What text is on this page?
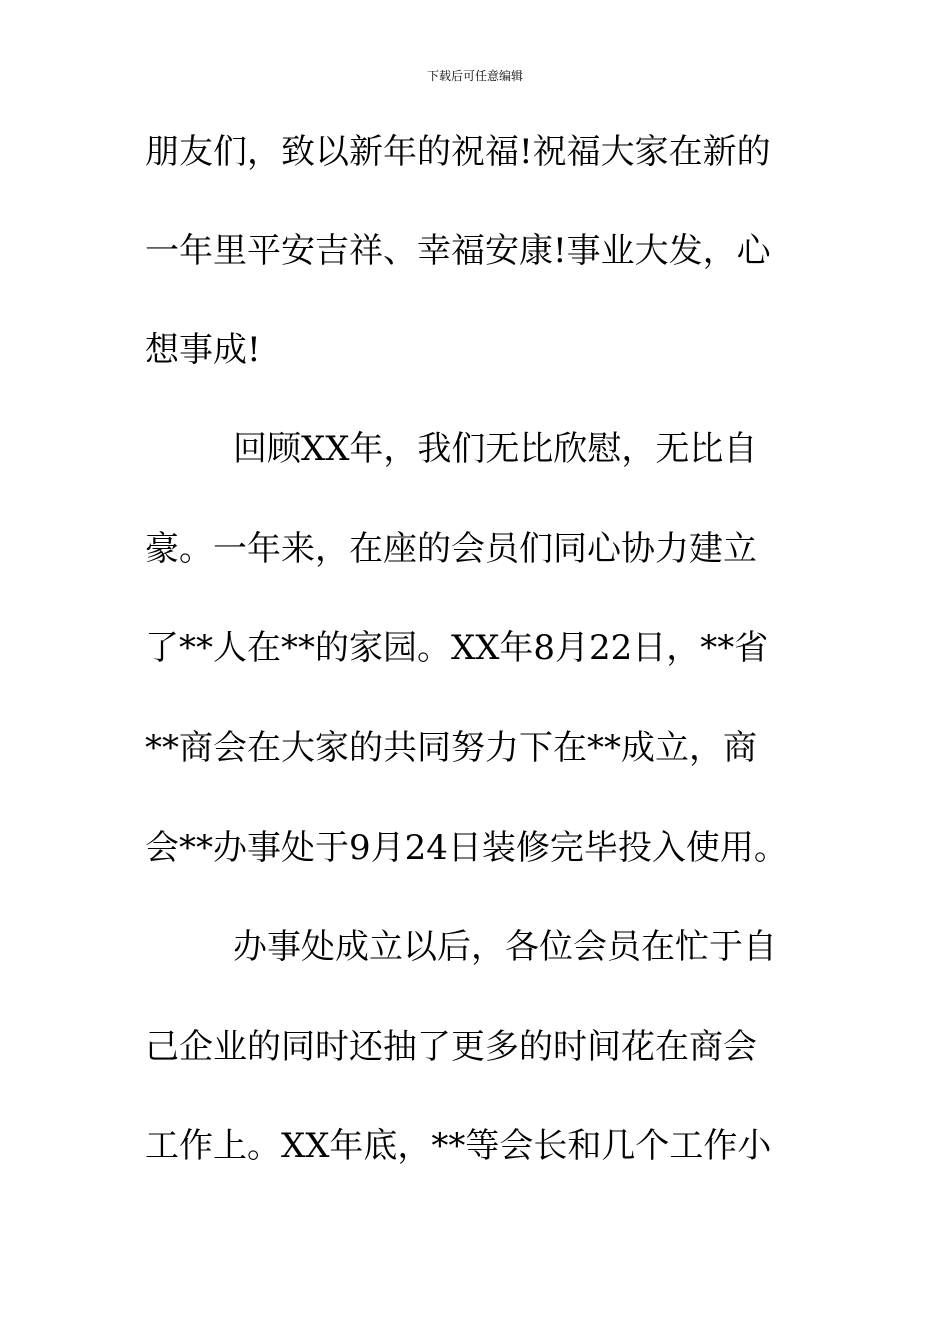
下载后可任意编辑
朋友们，致以新年的祝福!祝福大家在新的
一年里平安吉祥、幸福安康!事业大发，心
想事成!
回顾XX年，我们无比欣慰，无比自
豪。一年来，在座的会员们同心协力建立
了**人在**的家园。XX年8月22日，**省
**商会在大家的共同努力下在**成立，商
会**办事处于9月24日装修完毕投入使用。
办事处成立以后，各位会员在忙于自
己企业的同时还抽了更多的时间花在商会
工作上。XX年底，**等会长和几个工作小
